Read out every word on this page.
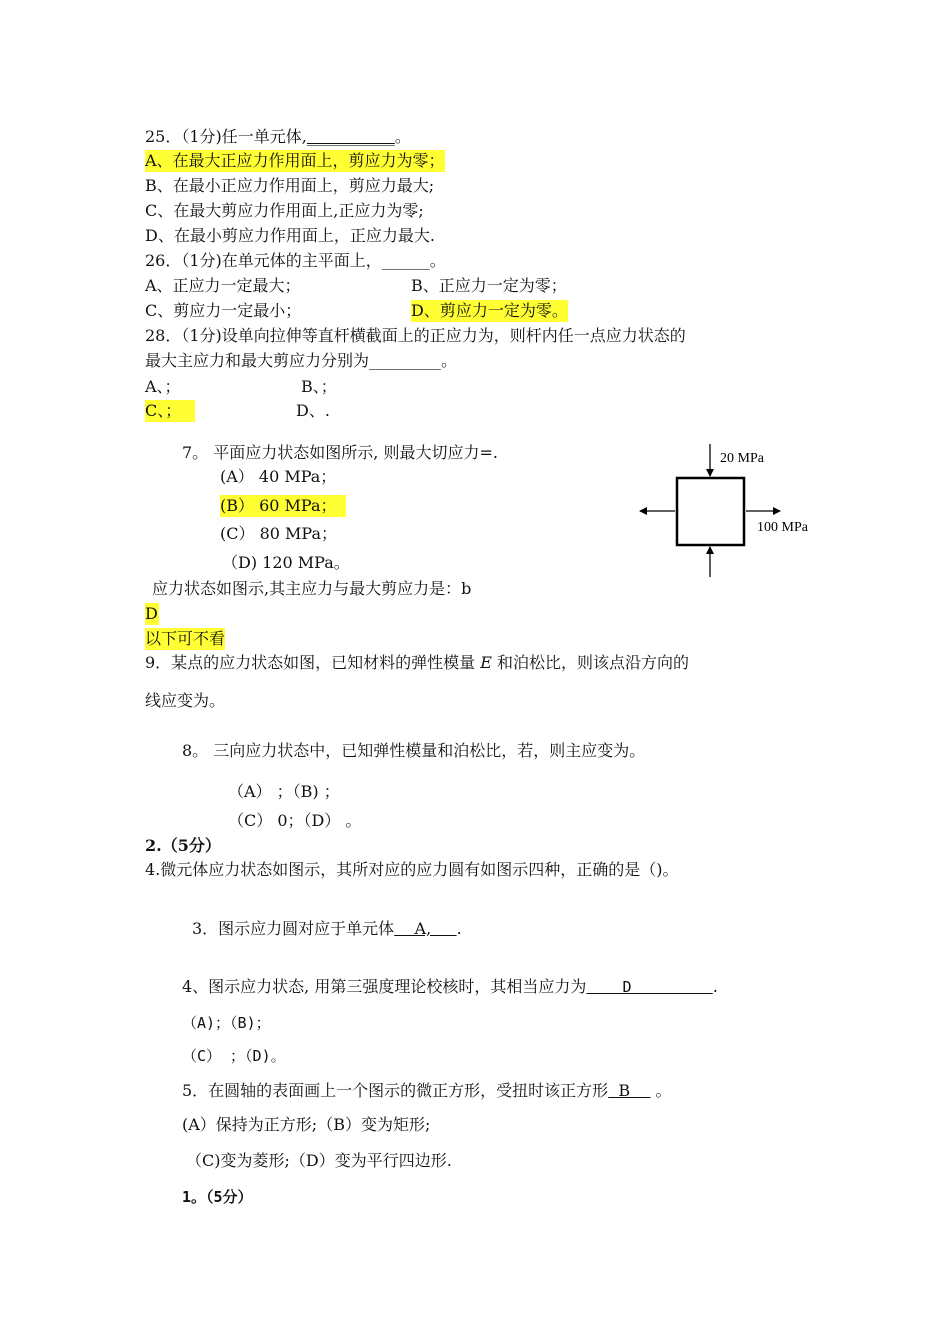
25．（1分)任一单元体,___________。
A、在最大正应力作用面上，剪应力为零；
B、在最小正应力作用面上，剪应力最大;
C、在最大剪应力作用面上,正应力为零;
D、在最小剪应力作用面上，正应力最大.
26．（1分)在单元体的主平面上，______。
A、正应力一定最大；	B、正应力一定为零；
C、剪应力一定最小；	D、剪应力一定为零。
28．（1分)设单向拉伸等直杆横截面上的正应力为，则杆内任一点应力状态的
最大主应力和最大剪应力分别为_________。
A、；	B、；
C、；	D、.
7。 平面应力状态如图所示, 则最大切应力=.
(A） 40 MPa；
(B） 60 MPa；
(C） 80 MPa；
（D) 120 MPa。
20 MPa
100 MPa
应力状态如图示,其主应力与最大剪应力是：b
D
以下可不看
9．某点的应力状态如图，已知材料的弹性模量 E 和泊松比，则该点沿方向的
线应变为。
8。 三向应力状态中，已知弹性模量和泊松比，若，则主应变为。
（A） ；（B) ；
（C） 0；（D） 。
2.（5分）
4.微元体应力状态如图示，其所对应的应力圆有如图示四种，正确的是（)。
3．图示应力圆对应于单元体    A,     .
4、图示应力状态, 用第三强度理论校核时，其相当应力为    D         .
（A)；（B)；
（C） ；（D)。
5．在圆轴的表面画上一个图示的微正方形，受扭时该正方形  B     。
(A）保持为正方形;（B）变为矩形;
（C)变为菱形;（D）变为平行四边形.
1。（5分）
